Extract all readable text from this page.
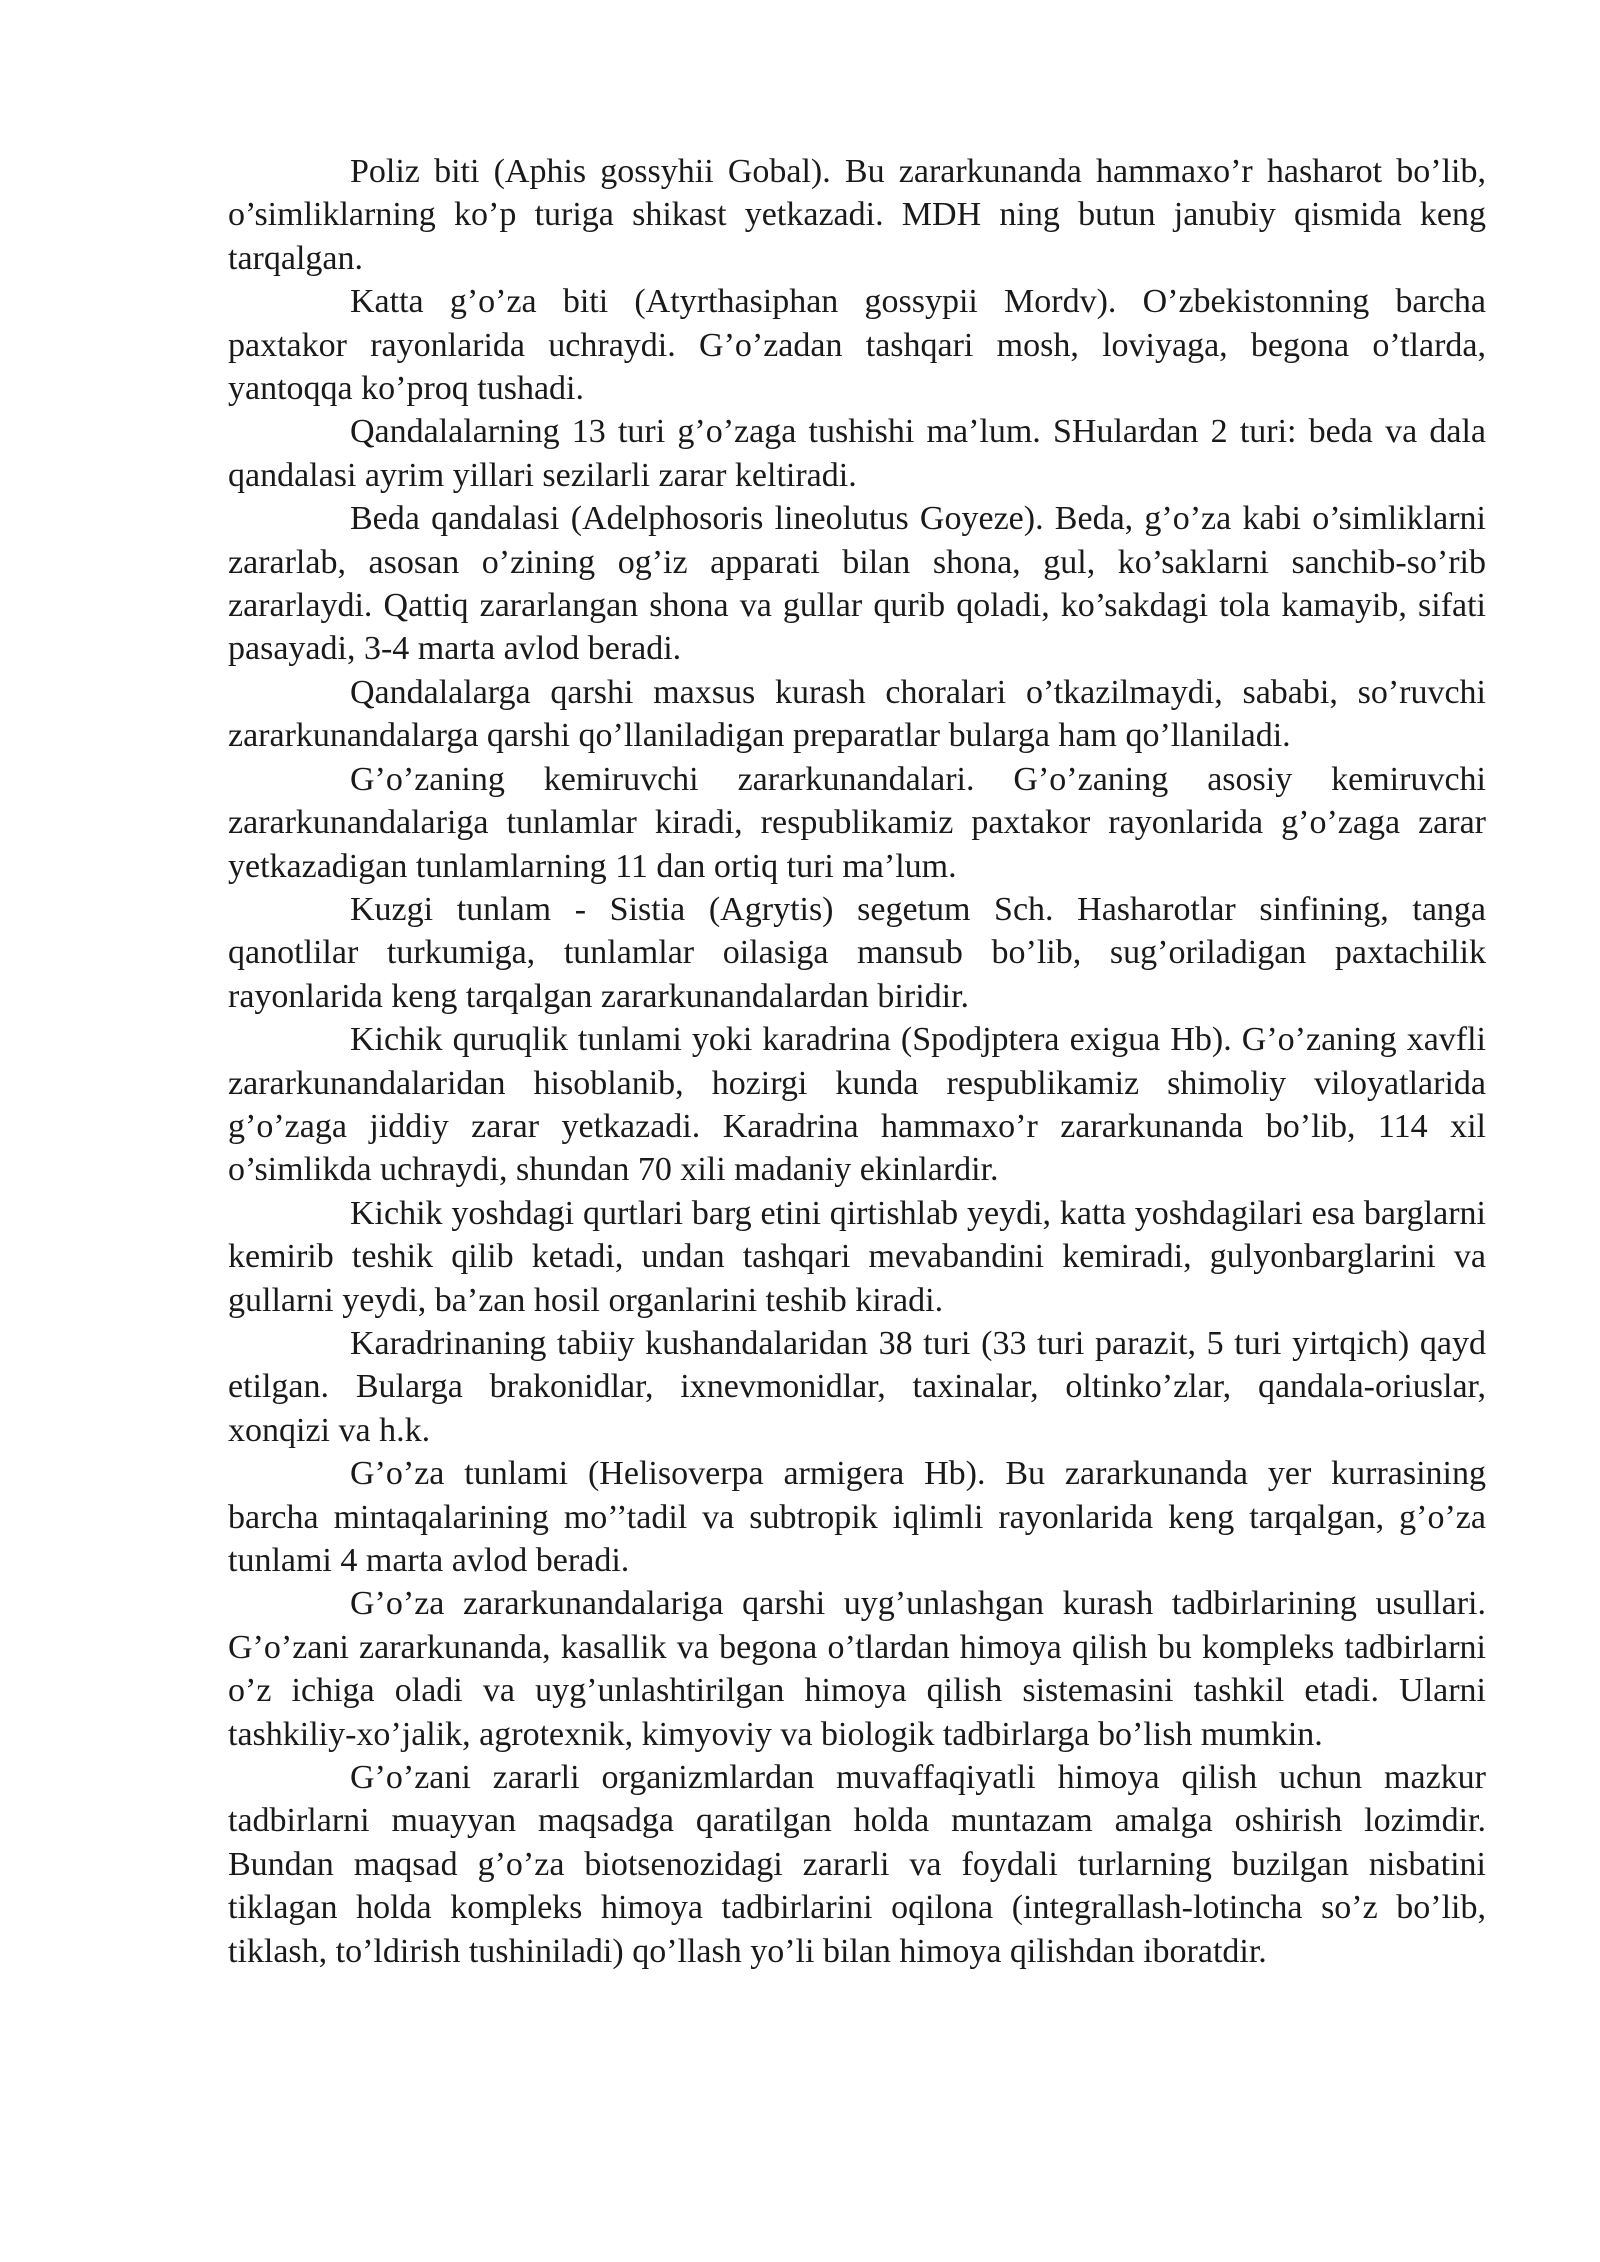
Poliz biti (Aphis gossyhii Gobal). Bu zararkunanda hammaxo’r hasharot bo’lib, o’simliklarning ko’p turiga shikast yetkazadi. MDH ning butun janubiy qismida keng tarqalgan.

Katta g’o’za biti (Atyrthasiphan gossypii Mordv). O’zbekistonning barcha paxtakor rayonlarida uchraydi. G’o’zadan tashqari mosh, loviyaga, begona o’tlarda, yantoqqa ko’proq tushadi.

Qandalalarning 13 turi g’o’zaga tushishi ma’lum. SHulardan 2 turi: beda va dala qandalasi ayrim yillari sezilarli zarar keltiradi.

Beda qandalasi (Adelphosoris lineolutus Goyeze). Beda, g’o’za kabi o’simliklarni zararlab, asosan o’zining og’iz apparati bilan shona, gul, ko’saklarni sanchib-so’rib zararlaydi. Qattiq zararlangan shona va gullar qurib qoladi, ko’sakdagi tola kamayib, sifati pasayadi, 3-4 marta avlod beradi.

Qandalalarga qarshi maxsus kurash choralari o’tkazilmaydi, sababi, so’ruvchi zararkunandalarga qarshi qo’llaniladigan preparatlar bularga ham qo’llaniladi.

G’o’zaning kemiruvchi zararkunandalari. G’o’zaning asosiy kemiruvchi zararkunandalariga tunlamlar kiradi, respublikamiz paxtakor rayonlarida g’o’zaga zarar yetkazadigan tunlamlarning 11 dan ortiq turi ma’lum.

Kuzgi tunlam - Sistia (Agrytis) segetum Sch. Hasharotlar sinfining, tanga qanotlilar turkumiga, tunlamlar oilasiga mansub bo’lib, sug’oriladigan paxtachilik rayonlarida keng tarqalgan zararkunandalardan biridir.

Kichik quruqlik tunlami yoki karadrina (Spodjptera exigua Hb). G’o’zaning xavfli zararkunandalaridan hisoblanib, hozirgi kunda respublikamiz shimoliy viloyatlarida g’o’zaga jiddiy zarar yetkazadi. Karadrina hammaxo’r zararkunanda bo’lib, 114 xil o’simlikda uchraydi, shundan 70 xili madaniy ekinlardir.

Kichik yoshdagi qurtlari barg etini qirtishlab yeydi, katta yoshdagilari esa barglarni kemirib teshik qilib ketadi, undan tashqari mevabandini kemiradi, gulyonbarglarini va gullarni yeydi, ba’zan hosil organlarini teshib kiradi.

Karadrinaning tabiiy kushandalaridan 38 turi (33 turi parazit, 5 turi yirtqich) qayd etilgan. Bularga brakonidlar, ixnevmonidlar, taxinalar, oltinko’zlar, qandala-oriuslar, xonqizi va h.k.

G’o’za tunlami (Helisoverpa armigera Hb). Bu zararkunanda yer kurrasining barcha mintaqalarining mo’’tadil va subtropik iqlimli rayonlarida keng tarqalgan, g’o’za tunlami 4 marta avlod beradi.

G’o’za zararkunandalariga qarshi uyg’unlashgan kurash tadbirlarining usullari. G’o’zani zararkunanda, kasallik va begona o’tlardan himoya qilish bu kompleks tadbirlarni o’z ichiga oladi va uyg’unlashtirilgan himoya qilish sistemasini tashkil etadi. Ularni tashkiliy-xo’jalik, agrotexnik, kimyoviy va biologik tadbirlarga bo’lish mumkin.

G’o’zani zararli organizmlardan muvaffaqiyatli himoya qilish uchun mazkur tadbirlarni muayyan maqsadga qaratilgan holda muntazam amalga oshirish lozimdir. Bundan maqsad g’o’za biotsenozidagi zararli va foydali turlarning buzilgan nisbatini tiklagan holda kompleks himoya tadbirlarini oqilona (integrallash-lotincha so’z bo’lib, tiklash, to’ldirish tushiniladi) qo’llash yo’li bilan himoya qilishdan iboratdir.
